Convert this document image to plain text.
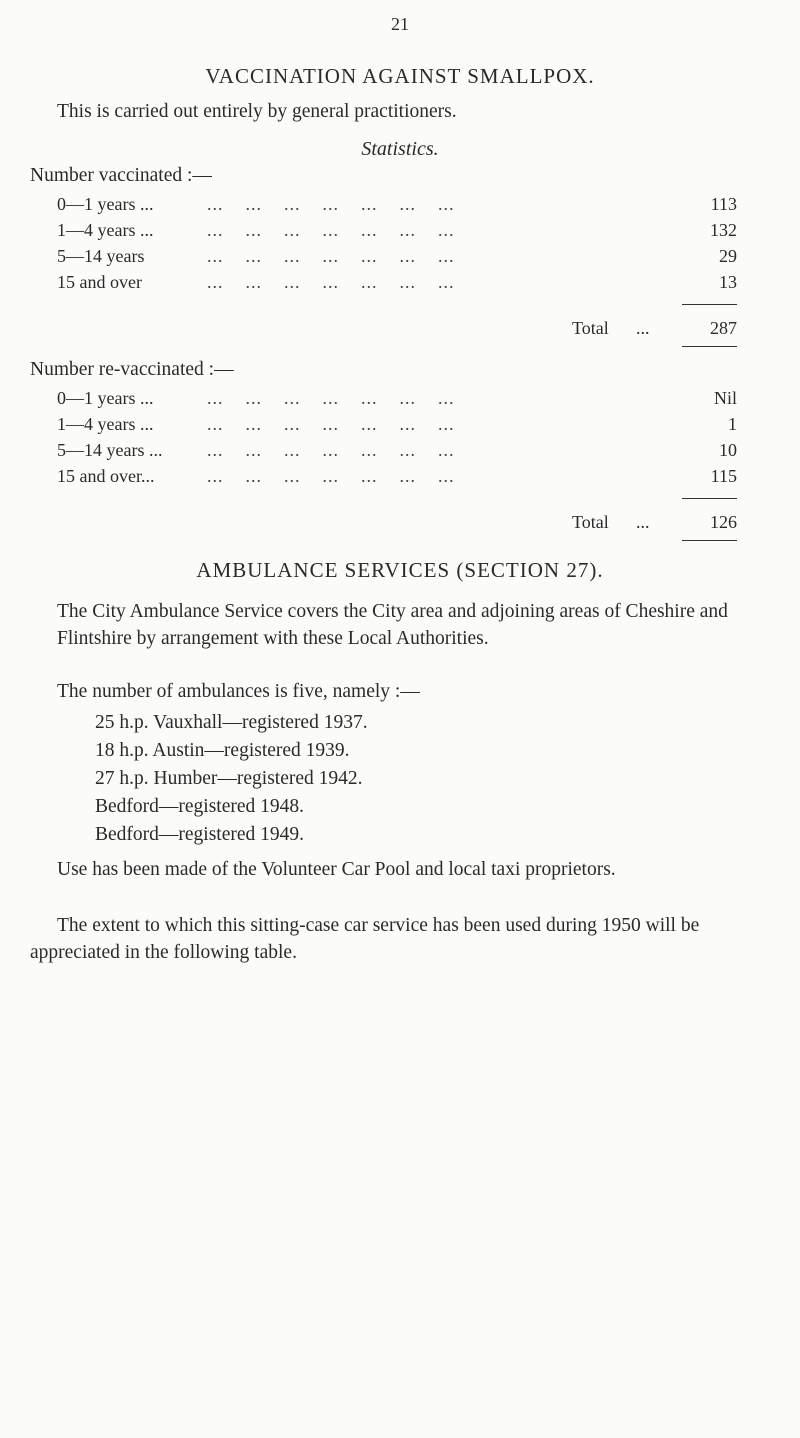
21
VACCINATION AGAINST SMALLPOX.
This is carried out entirely by general practitioners.
Statistics.
Number vaccinated :—
0—1 years ...	...    ...    ...    ...    ...    ...    ...	113
1—4 years ...	...    ...    ...    ...    ...    ...    ...	132
5—14 years	...    ...    ...    ...    ...    ...    ...	29
15 and over	...    ...    ...    ...    ...    ...    ...	13
Total ...	287
Number re-vaccinated :—
0—1 years ...	...    ...    ...    ...    ...    ...    ...	Nil
1—4 years ...	...    ...    ...    ...    ...    ...    ...	1
5—14 years ... ...    ...    ...    ...    ...    ...    ...	10
15 and over...	...    ...    ...    ...    ...    ...    ...	115
Total ...	126
AMBULANCE SERVICES (SECTION 27).
The City Ambulance Service covers the City area and adjoining areas of Cheshire and Flintshire by arrangement with these Local Authorities.
The number of ambulances is five, namely :—
25 h.p. Vauxhall—registered 1937.
18 h.p. Austin—registered 1939.
27 h.p. Humber—registered 1942.
Bedford—registered 1948.
Bedford—registered 1949.
Use has been made of the Volunteer Car Pool and local taxi proprietors.
The extent to which this sitting-case car service has been used during 1950 will be appreciated in the following table.
